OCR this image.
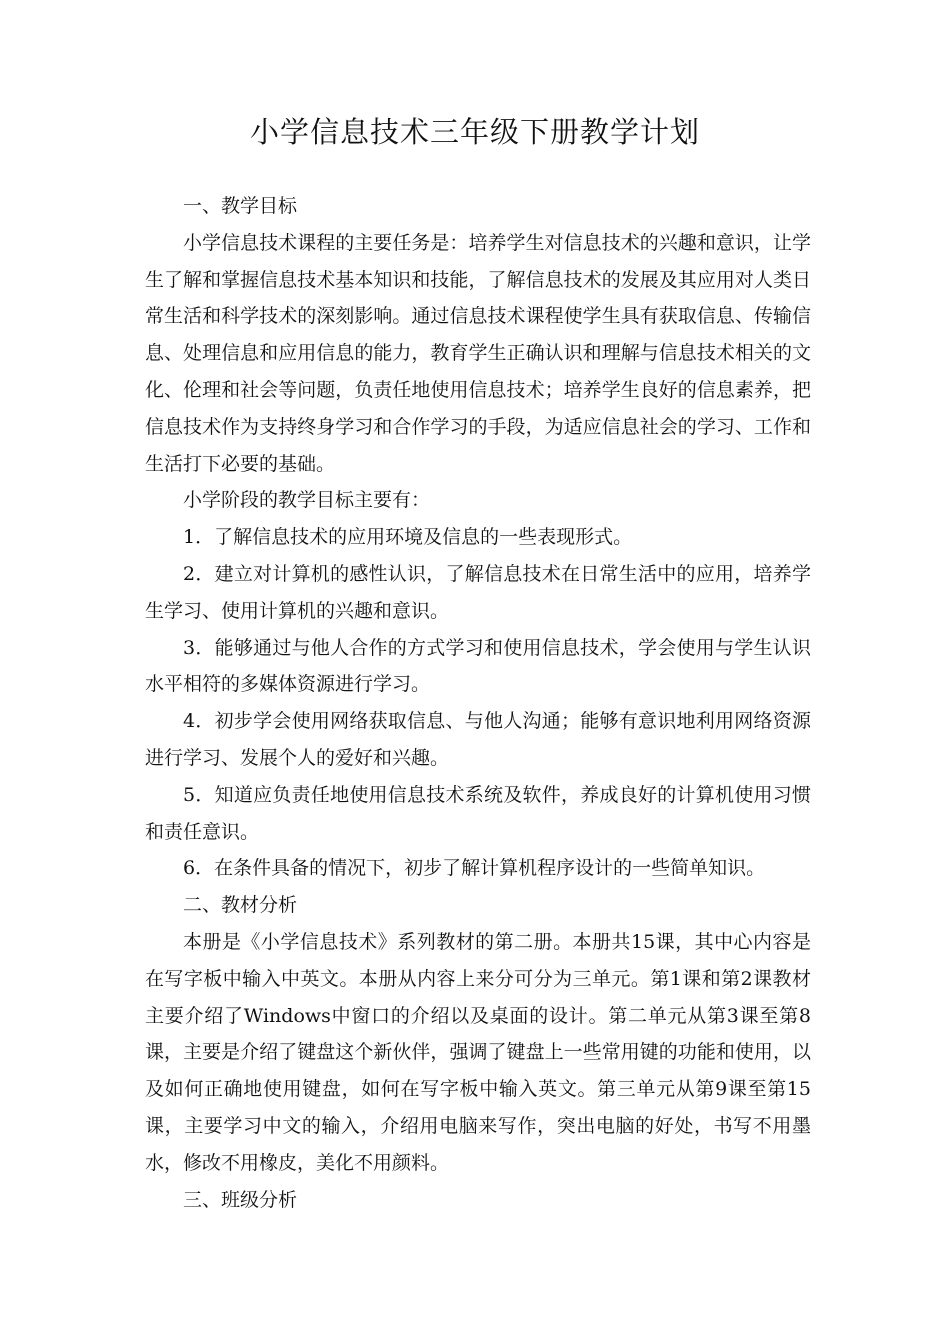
小学信息技术三年级下册教学计划

一、教学目标

小学信息技术课程的主要任务是：培养学生对信息技术的兴趣和意识，让学生了解和掌握信息技术基本知识和技能，了解信息技术的发展及其应用对人类日常生活和科学技术的深刻影响。通过信息技术课程使学生具有获取信息、传输信息、处理信息和应用信息的能力，教育学生正确认识和理解与信息技术相关的文化、伦理和社会等问题，负责任地使用信息技术；培养学生良好的信息素养，把信息技术作为支持终身学习和合作学习的手段，为适应信息社会的学习、工作和生活打下必要的基础。

小学阶段的教学目标主要有：

1．了解信息技术的应用环境及信息的一些表现形式。

2．建立对计算机的感性认识，了解信息技术在日常生活中的应用，培养学生学习、使用计算机的兴趣和意识。

3．能够通过与他人合作的方式学习和使用信息技术，学会使用与学生认识水平相符的多媒体资源进行学习。

4．初步学会使用网络获取信息、与他人沟通；能够有意识地利用网络资源进行学习、发展个人的爱好和兴趣。

5．知道应负责任地使用信息技术系统及软件，养成良好的计算机使用习惯和责任意识。

6．在条件具备的情况下，初步了解计算机程序设计的一些简单知识。

二、教材分析

本册是《小学信息技术》系列教材的第二册。本册共15课，其中心内容是在写字板中输入中英文。本册从内容上来分可分为三单元。第1课和第2课教材主要介绍了Windows中窗口的介绍以及桌面的设计。第二单元从第3课至第8课，主要是介绍了键盘这个新伙伴，强调了键盘上一些常用键的功能和使用，以及如何正确地使用键盘，如何在写字板中输入英文。第三单元从第9课至第15课，主要学习中文的输入，介绍用电脑来写作，突出电脑的好处，书写不用墨水，修改不用橡皮，美化不用颜料。

三、班级分析
